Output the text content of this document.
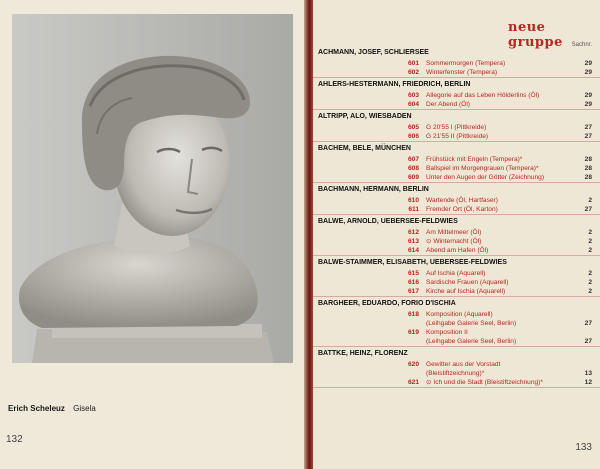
Erich Scheleuz Gisela
132
neue gruppe	Sachnr.
ACHMANN, JOSEF, SCHLIERSEE
601 Sommermorgen (Tempera)	29
602 Winterfenster (Tempera)	29
AHLERS-HESTERMANN, FRIEDRICH, BERLIN
603 Allegorie auf das Leben Hölderlins (Öl)	29
604 Der Abend (Öl)	29
ALTRIPP, ALO, WIESBADEN
605 G 20'55 I (Pittkreide)	27
606 G 21'55 II (Pittkreide)	27
BACHEM, BELE, MÜNCHEN
607 Frühstück mit Engeln (Tempera)*	28
608 Ballspiel im Morgengrauen (Tempera)*	28
609 Unter den Augen der Götter (Zeichnung)	28
BACHMANN, HERMANN, BERLIN
610 Wartende (Öl, Hartfaser)	2
611 Fremder Ort (Öl, Karton)	27
BALWE, ARNOLD, UEBERSEE-FELDWIES
612 Am Mittelmeer (Öl)	2
613 ⊙ Winternacht (Öl)	2
614 Abend am Hafen (Öl)	2
BALWE-STAIMMER, ELISABETH, UEBERSEE-FELDWIES
615 Auf Ischia (Aquarell)	2
616 Sardische Frauen (Aquarell)	2
617 Kirche auf Ischia (Aquarell)	2
BARGHEER, EDUARDO, FORIO D'ISCHIA
618 Komposition (Aquarell)
(Leihgabe Galerie Seel, Berlin)	27
619 Komposition II
(Leihgabe Galerie Seel, Berlin)	27
BATTKE, HEINZ, FLORENZ
620 Gewitter aus der Vorstadt
(Bleistiftzeichnung)*	13
621 ⊙ Ich und die Stadt (Bleistiftzeichnung)*	12
133
